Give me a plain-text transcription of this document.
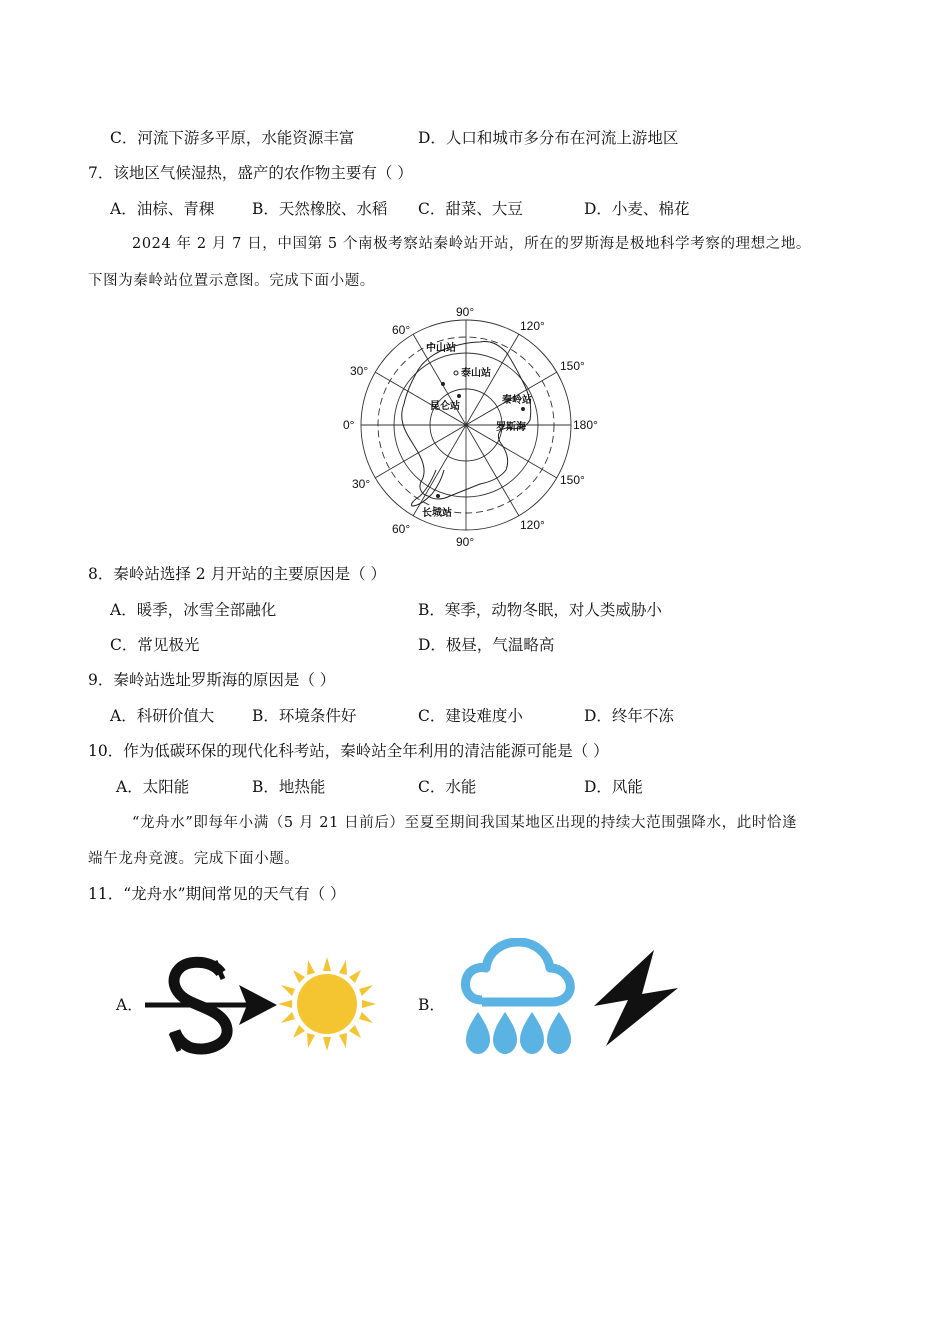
C．河流下游多平原，水能资源丰富	D．人口和城市多分布在河流上游地区
7．该地区气候湿热，盛产的农作物主要有（ ）
A．油棕、青稞 B．天然橡胶、水稻 C．甜菜、大豆	D．小麦、棉花
2024 年 2 月 7 日，中国第 5 个南极考察站秦岭站开站，所在的罗斯海是极地科学考察的理想之地。
下图为秦岭站位置示意图。完成下面小题。
90°
120°
60°
150°
30°
0°	180°
30°	150°
60°	120°
90°
中山站
泰山站
昆仑站
秦岭站
罗斯海
长城站
8．秦岭站选择 2 月开站的主要原因是（ ）
A．暖季，冰雪全部融化	B．寒季，动物冬眠，对人类威胁小
C．常见极光	D．极昼，气温略高
9．秦岭站选址罗斯海的原因是（ ）
A．科研价值大 B．环境条件好	C．建设难度小	D．终年不冻
10．作为低碳环保的现代化科考站，秦岭站全年利用的清洁能源可能是（ ）
A．太阳能	B．地热能	C．水能	D．风能
“龙舟水”即每年小满（5 月 21 日前后）至夏至期间我国某地区出现的持续大范围强降水，此时恰逢
端午龙舟竞渡。完成下面小题。
11．“龙舟水”期间常见的天气有（ ）
A．	B．
